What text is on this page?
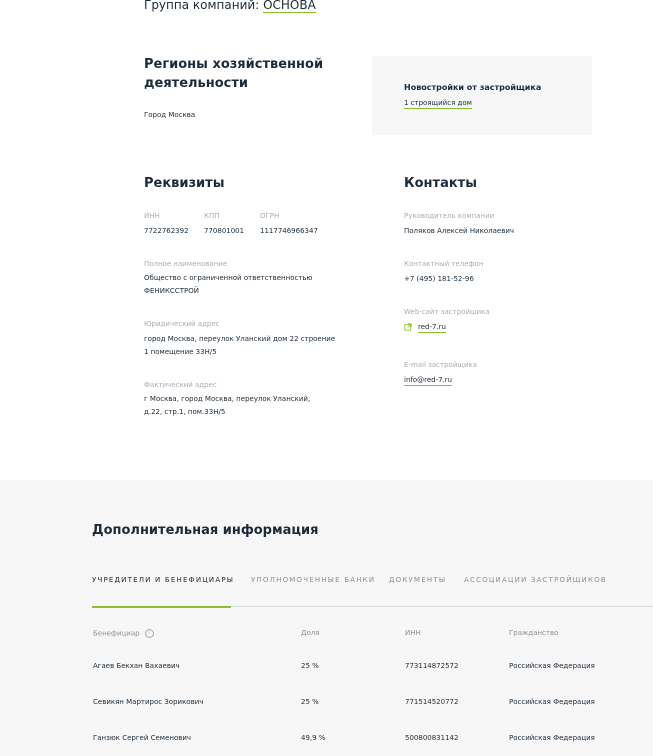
Группа компаний: ОСНОВА
Регионы хозяйственной деятельности
Город Москва
Новостройки от застройщика
1 строящийся дом
Реквизиты
ИНН
7722762392
КПП
770801001
ОГРН
1117746966347
Полное наименование
Общество с ограниченной ответственностью ФЕНИКССТРОЙ
Юридический адрес
город Москва, переулок Уланский дом 22 строение 1 помещение 33Н/5
Фактический адрес
г Москва, город Москва, переулок Уланский, д.22, стр.1, пом.33Н/5
Контакты
Руководитель компании
Поляков Алексей Николаевич
Контактный телефон
+7 (495) 181-52-96
Web-сайт застройщика
red-7.ru
E-mail застройщика
info@red-7.ru
Дополнительная информация
УЧРЕДИТЕЛИ И БЕНЕФИЦИАРЫ УПОЛНОМОЧЕННЫЕ БАНКИ ДОКУМЕНТЫ	АССОЦИАЦИИ ЗАСТРОЙЩИКОВ
Бенефициар i	Доля	ИНН	Гражданство
Агаев Бекхан Вахаевич	25 %	773114872572	Российская Федерация
Севикян Мартирос Зорикович	25 %	771514520772	Российская Федерация
Ганзюк Сергей Семенович	49,9 %	500800831142	Российская Федерация
